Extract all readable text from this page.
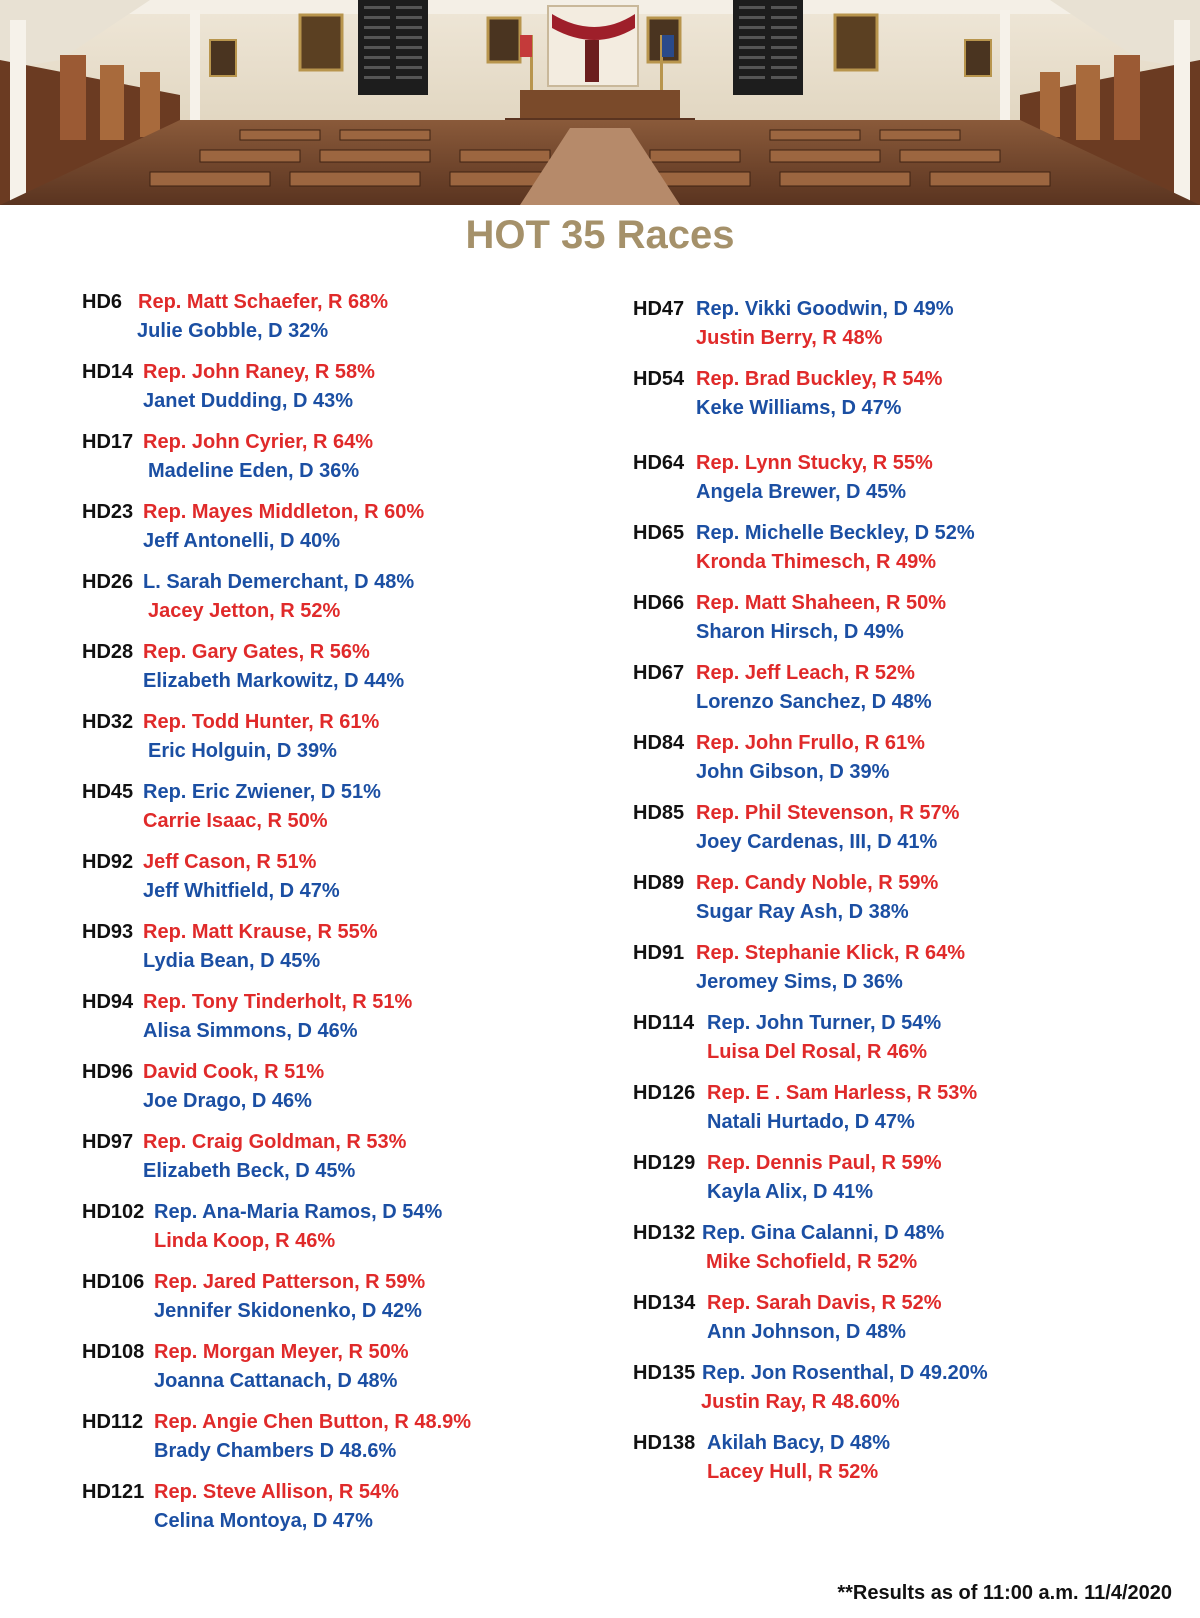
HOT 35 Races
HD6 Rep. Matt Schaefer, R 68%
Julie Gobble, D 32%
HD14 Rep. John Raney, R 58%
Janet Dudding, D 43%
HD17 Rep. John Cyrier, R 64%
Madeline Eden, D 36%
HD23 Rep. Mayes Middleton, R 60%
Jeff Antonelli, D 40%
HD26 L. Sarah Demerchant, D 48%
Jacey Jetton, R 52%
HD28 Rep. Gary Gates, R 56%
Elizabeth Markowitz, D 44%
HD32 Rep. Todd Hunter, R 61%
Eric Holguin, D 39%
HD45 Rep. Eric Zwiener, D 51%
Carrie Isaac, R 50%
HD92 Jeff Cason, R 51%
Jeff Whitfield, D 47%
HD93 Rep. Matt Krause, R 55%
Lydia Bean, D 45%
HD94 Rep. Tony Tinderholt, R 51%
Alisa Simmons, D 46%
HD96 David Cook, R 51%
Joe Drago, D 46%
HD97 Rep. Craig Goldman, R 53%
Elizabeth Beck, D 45%
HD102 Rep. Ana-Maria Ramos, D 54%
Linda Koop, R 46%
HD106 Rep. Jared Patterson, R 59%
Jennifer Skidonenko, D 42%
HD108 Rep. Morgan Meyer, R 50%
Joanna Cattanach, D 48%
HD112 Rep. Angie Chen Button, R 48.9%
Brady Chambers D 48.6%
HD121 Rep. Steve Allison, R 54%
Celina Montoya, D 47%
HD47 Rep. Vikki Goodwin, D 49%
Justin Berry, R 48%
HD54 Rep. Brad Buckley, R 54%
Keke Williams, D 47%
HD64 Rep. Lynn Stucky, R 55%
Angela Brewer, D 45%
HD65 Rep. Michelle Beckley, D 52%
Kronda Thimesch, R 49%
HD66 Rep. Matt Shaheen, R 50%
Sharon Hirsch, D 49%
HD67 Rep. Jeff Leach, R 52%
Lorenzo Sanchez, D 48%
HD84 Rep. John Frullo, R 61%
John Gibson, D 39%
HD85 Rep. Phil Stevenson, R 57%
Joey Cardenas, III, D 41%
HD89 Rep. Candy Noble, R 59%
Sugar Ray Ash, D 38%
HD91 Rep. Stephanie Klick, R 64%
Jeromey Sims, D 36%
HD114 Rep. John Turner, D 54%
Luisa Del Rosal, R 46%
HD126 Rep. E . Sam Harless, R 53%
Natali Hurtado, D 47%
HD129 Rep. Dennis Paul, R 59%
Kayla Alix, D 41%
HD132 Rep. Gina Calanni, D 48%
Mike Schofield, R 52%
HD134 Rep. Sarah Davis, R 52%
Ann Johnson, D 48%
HD135 Rep. Jon Rosenthal, D 49.20%
Justin Ray, R 48.60%
HD138 Akilah Bacy, D 48%
Lacey Hull, R 52%
**Results as of 11:00 a.m. 11/4/2020
